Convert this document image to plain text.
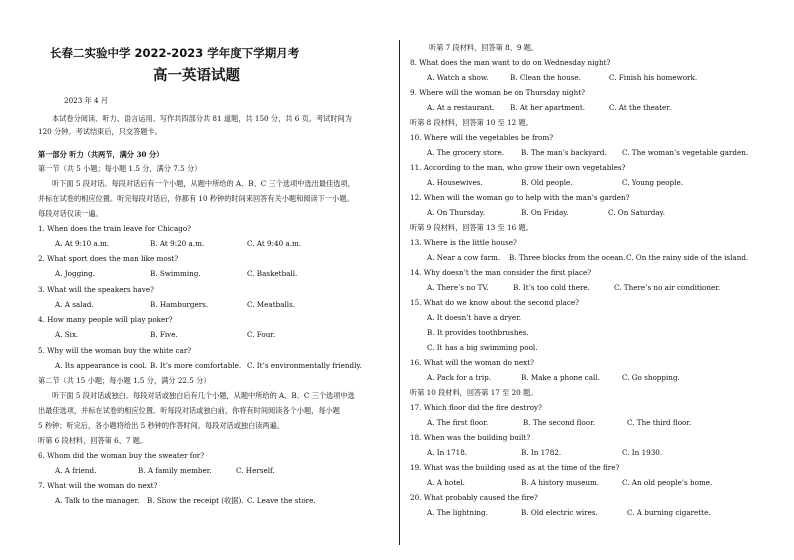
长春二实验中学 2022-2023 学年度下学期月考
高一英语试题
2023 年 4 月
本试卷分阅读、听力、语言运用、写作共四部分共 81 道题，共 150 分，共 6 页。考试时间为
120 分钟。考试结束后，只交答题卡。
第一部分 听力（共两节，满分 30 分）
第一节（共 5 小题；每小题 1.5 分，满分 7.5 分）
听下面 5 段对话。每段对话后有一个小题，从题中所给的 A、B、C 三个选项中选出最佳选项，
并标在试卷的相应位置。听完每段对话后，你都有 10 秒钟的时间来回答有关小题和阅读下一小题。
每段对话仅读一遍。
1. When does the train leave for Chicago?
A. At 9:10 a.m.	B. At 9:20 a.m.	C. At 9:40 a.m.
2. What sport does the man like most?
A. Jogging.	B. Swimming.	C. Basketball.
3. What will the speakers have?
A. A salad.	B. Hamburgers.	C. Meatballs.
4. How many people will play poker?
A. Six.	B. Five.	C. Four.
5. Why will the woman buy the white car?
A. Its appearance is cool. B. It’s more comfortable. C. It’s environmentally friendly.
第二节（共 15 小题；每小题 1.5 分，满分 22.5 分）
听下面 5 段对话或独白。每段对话或独白后有几个小题，从题中所给的 A、B、C 三个选项中选
出最佳选项，并标在试卷的相应位置。听每段对话或独白前，你将有时间阅读各个小题，每小题
5 秒钟；听完后，各小题将给出 5 秒钟的作答时间。每段对话或独白读两遍。
听第 6 段材料，回答第 6、7 题。
6. Whom did the woman buy the sweater for?
A. A friend.	B. A family member.	C. Herself.
7. What will the woman do next?
A. Talk to the manager. B. Show the receipt (收据). C. Leave the store.
听第 7 段材料，回答第 8、9 题。
8. What does the man want to do on Wednesday night?
A. Watch a show.	B. Clean the house.	C. Finish his homework.
9. Where will the woman be on Thursday night?
A. At a restaurant. B. At her apartment.	C. At the theater.
听第 8 段材料，回答第 10 至 12 题。
10. Where will the vegetables be from?
A. The grocery store. B. The man’s backyard. C. The woman’s vegetable garden.
11. According to the man, who grow their own vegetables?
A. Housewives.	B. Old people.	C. Young people.
12. When will the woman go to help with the man’s garden?
A. On Thursday.	B. On Friday.	C. On Saturday.
听第 9 段材料，回答第 13 至 16 题。
13. Where is the little house?
A. Near a cow farm. B. Three blocks from the ocean. C. On the rainy side of the island.
14. Why doesn’t the man consider the first place?
A. There’s no TV.	B. It’s too cold there.	C. There’s no air conditioner.
15. What do we know about the second place?
A. It doesn’t have a dryer.
B. It provides toothbrushes.
C. It has a big swimming pool.
16. What will the woman do next?
A. Pack for a trip.	B. Make a phone call.	C. Go shopping.
听第 10 段材料，回答第 17 至 20 题。
17. Which floor did the fire destroy?
A. The first floor.	B. The second floor.	C. The third floor.
18. When was the building built?
A. In 1718.	B. In 1782.	C. In 1930.
19. What was the building used as at the time of the fire?
A. A hotel.	B. A history museum.	C. An old people’s home.
20. What probably caused the fire?
A. The lightning.	B. Old electric wires.	C. A burning cigarette.
